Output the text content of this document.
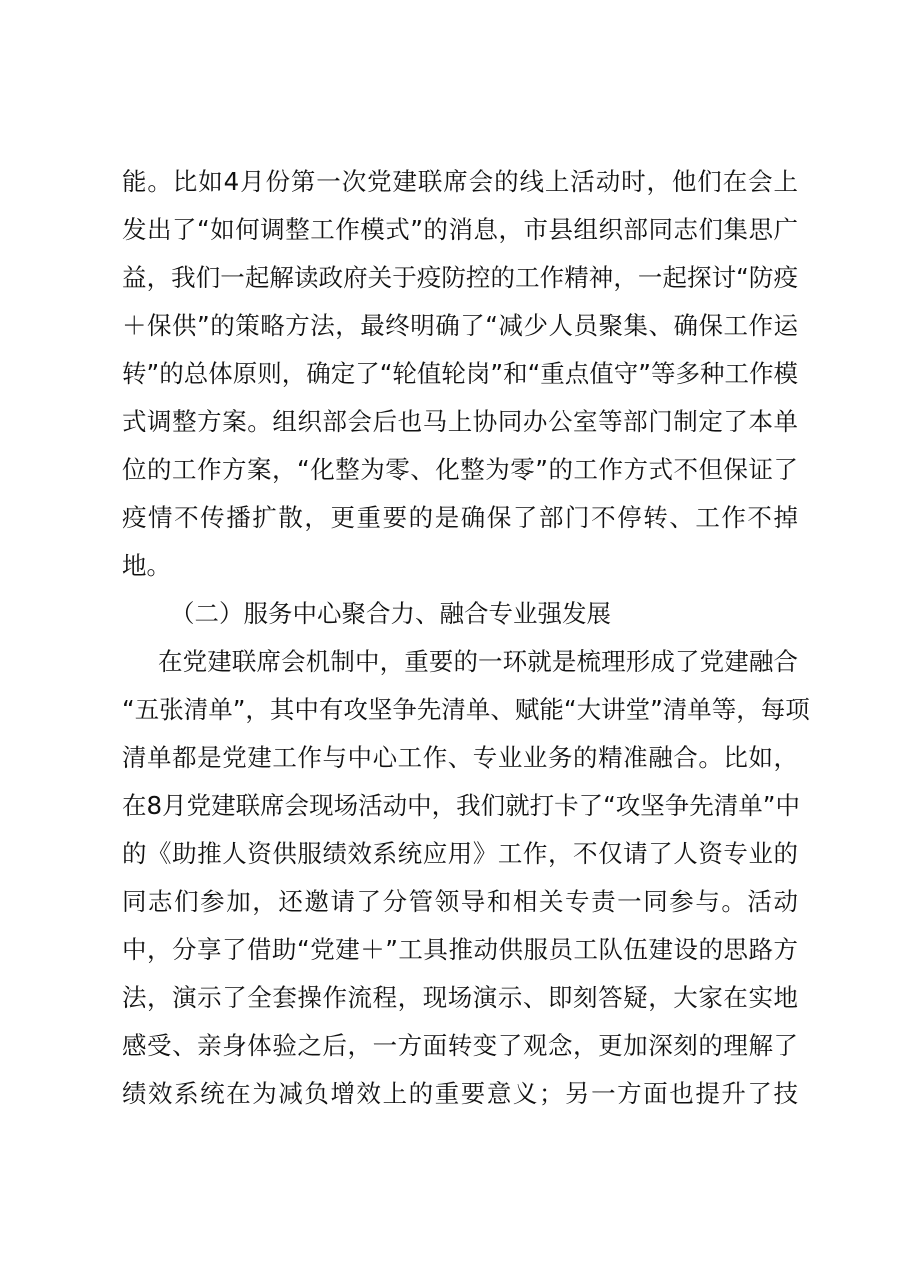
能。比如4月份第一次党建联席会的线上活动时，他们在会上
发出了“如何调整工作模式”的消息，市县组织部同志们集思广
益，我们一起解读政府关于疫防控的工作精神，一起探讨“防疫
＋保供”的策略方法，最终明确了“减少人员聚集、确保工作运
转”的总体原则，确定了“轮值轮岗”和“重点值守”等多种工作模
式调整方案。组织部会后也马上协同办公室等部门制定了本单
位的工作方案，“化整为零、化整为零”的工作方式不但保证了
疫情不传播扩散，更重要的是确保了部门不停转、工作不掉
地。
（二）服务中心聚合力、融合专业强发展
在党建联席会机制中，重要的一环就是梳理形成了党建融合
“五张清单”，其中有攻坚争先清单、赋能“大讲堂”清单等，每项
清单都是党建工作与中心工作、专业业务的精准融合。比如，
在8月党建联席会现场活动中，我们就打卡了“攻坚争先清单”中
的《助推人资供服绩效系统应用》工作，不仅请了人资专业的
同志们参加，还邀请了分管领导和相关专责一同参与。活动
中，分享了借助“党建＋”工具推动供服员工队伍建设的思路方
法，演示了全套操作流程，现场演示、即刻答疑，大家在实地
感受、亲身体验之后，一方面转变了观念，更加深刻的理解了
绩效系统在为减负增效上的重要意义；另一方面也提升了技
